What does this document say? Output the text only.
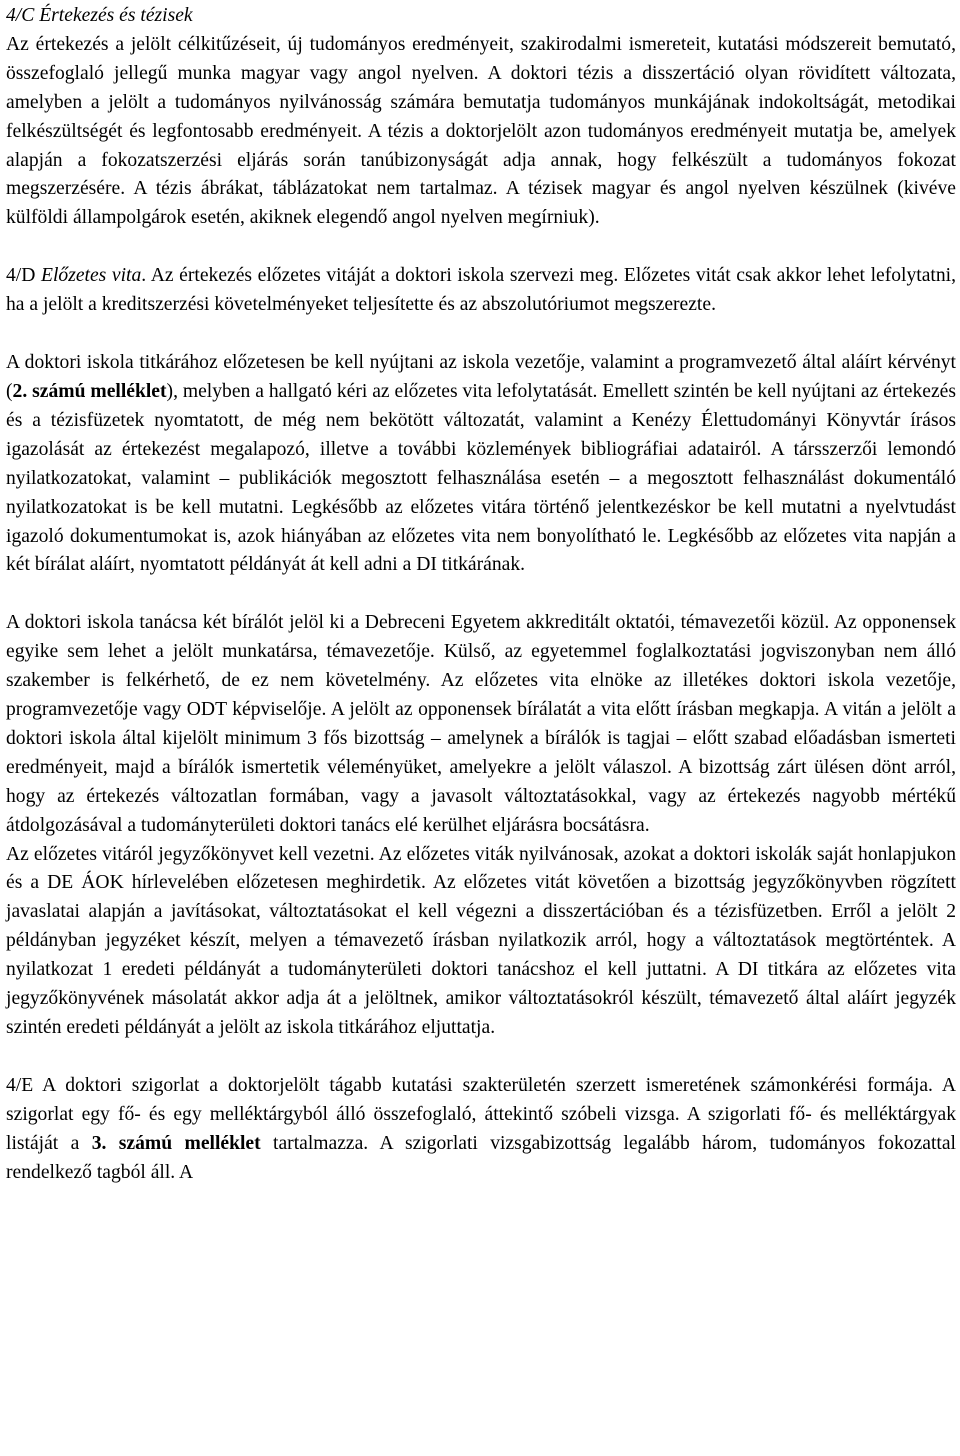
4/C Értekezés és tézisek

Az értekezés a jelölt célkitűzéseit, új tudományos eredményeit, szakirodalmi ismereteit, kutatási módszereit bemutató, összefoglaló jellegű munka magyar vagy angol nyelven. A doktori tézis a disszertáció olyan rövidített változata, amelyben a jelölt a tudományos nyilvánosság számára bemutatja tudományos munkájának indokoltságát, metodikai felkészültségét és legfontosabb eredményeit. A tézis a doktorjelölt azon tudományos eredményeit mutatja be, amelyek alapján a fokozatszerzési eljárás során tanúbizonyságát adja annak, hogy felkészült a tudományos fokozat megszerzésére. A tézis ábrákat, táblázatokat nem tartalmaz. A tézisek magyar és angol nyelven készülnek (kivéve külföldi állampolgárok esetén, akiknek elegendő angol nyelven megírniuk).

4/D Előzetes vita. Az értekezés előzetes vitáját a doktori iskola szervezi meg. Előzetes vitát csak akkor lehet lefolytatni, ha a jelölt a kreditszerzési követelményeket teljesítette és az abszolutóriumot megszerezte.

A doktori iskola titkárához előzetesen be kell nyújtani az iskola vezetője, valamint a programvezető által aláírt kérvényt (2. számú melléklet), melyben a hallgató kéri az előzetes vita lefolytatását. Emellett szintén be kell nyújtani az értekezés és a tézisfüzetek nyomtatott, de még nem bekötött változatát, valamint a Kenézy Élettudományi Könyvtár írásos igazolását az értekezést megalapozó, illetve a további közlemények bibliográfiai adatairól. A társszerzői lemondó nyilatkozatokat, valamint – publikációk megosztott felhasználása esetén – a megosztott felhasználást dokumentáló nyilatkozatokat is be kell mutatni. Legkésőbb az előzetes vitára történő jelentkezéskor be kell mutatni a nyelvtudást igazoló dokumentumokat is, azok hiányában az előzetes vita nem bonyolítható le. Legkésőbb az előzetes vita napján a két bírálat aláírt, nyomtatott példányát át kell adni a DI titkárának.

A doktori iskola tanácsa két bírálót jelöl ki a Debreceni Egyetem akkreditált oktatói, témavezetői közül. Az opponensek egyike sem lehet a jelölt munkatársa, témavezetője. Külső, az egyetemmel foglalkoztatási jogviszonyban nem álló szakember is felkérhető, de ez nem követelmény. Az előzetes vita elnöke az illetékes doktori iskola vezetője, programvezetője vagy ODT képviselője. A jelölt az opponensek bírálatát a vita előtt írásban megkapja. A vitán a jelölt a doktori iskola által kijelölt minimum 3 fős bizottság – amelynek a bírálók is tagjai – előtt szabad előadásban ismerteti eredményeit, majd a bírálók ismertetik véleményüket, amelyekre a jelölt válaszol. A bizottság zárt ülésen dönt arról, hogy az értekezés változatlan formában, vagy a javasolt változtatásokkal, vagy az értekezés nagyobb mértékű átdolgozásával a tudományterületi doktori tanács elé kerülhet eljárásra bocsátásra.

Az előzetes vitáról jegyzőkönyvet kell vezetni. Az előzetes viták nyilvánosak, azokat a doktori iskolák saját honlapjukon és a DE ÁOK hírlevelében előzetesen meghirdetik. Az előzetes vitát követően a bizottság jegyzőkönyvben rögzített javaslatai alapján a javításokat, változtatásokat el kell végezni a disszertációban és a tézisfüzetben. Erről a jelölt 2 példányban jegyzéket készít, melyen a témavezető írásban nyilatkozik arról, hogy a változtatások megtörténtek. A nyilatkozat 1 eredeti példányát a tudományterületi doktori tanácshoz el kell juttatni. A DI titkára az előzetes vita jegyzőkönyvének másolatát akkor adja át a jelöltnek, amikor változtatásokról készült, témavezető által aláírt jegyzék szintén eredeti példányát a jelölt az iskola titkárához eljuttatja.

4/E A doktori szigorlat a doktorjelölt tágabb kutatási szakterületén szerzett ismeretének számonkérési formája. A szigorlat egy fő- és egy melléktárgyból álló összefoglaló, áttekintő szóbeli vizsga. A szigorlati fő- és melléktárgyak listáját a 3. számú melléklet tartalmazza. A szigorlati vizsgabizottság legalább három, tudományos fokozattal rendelkező tagból áll. A
